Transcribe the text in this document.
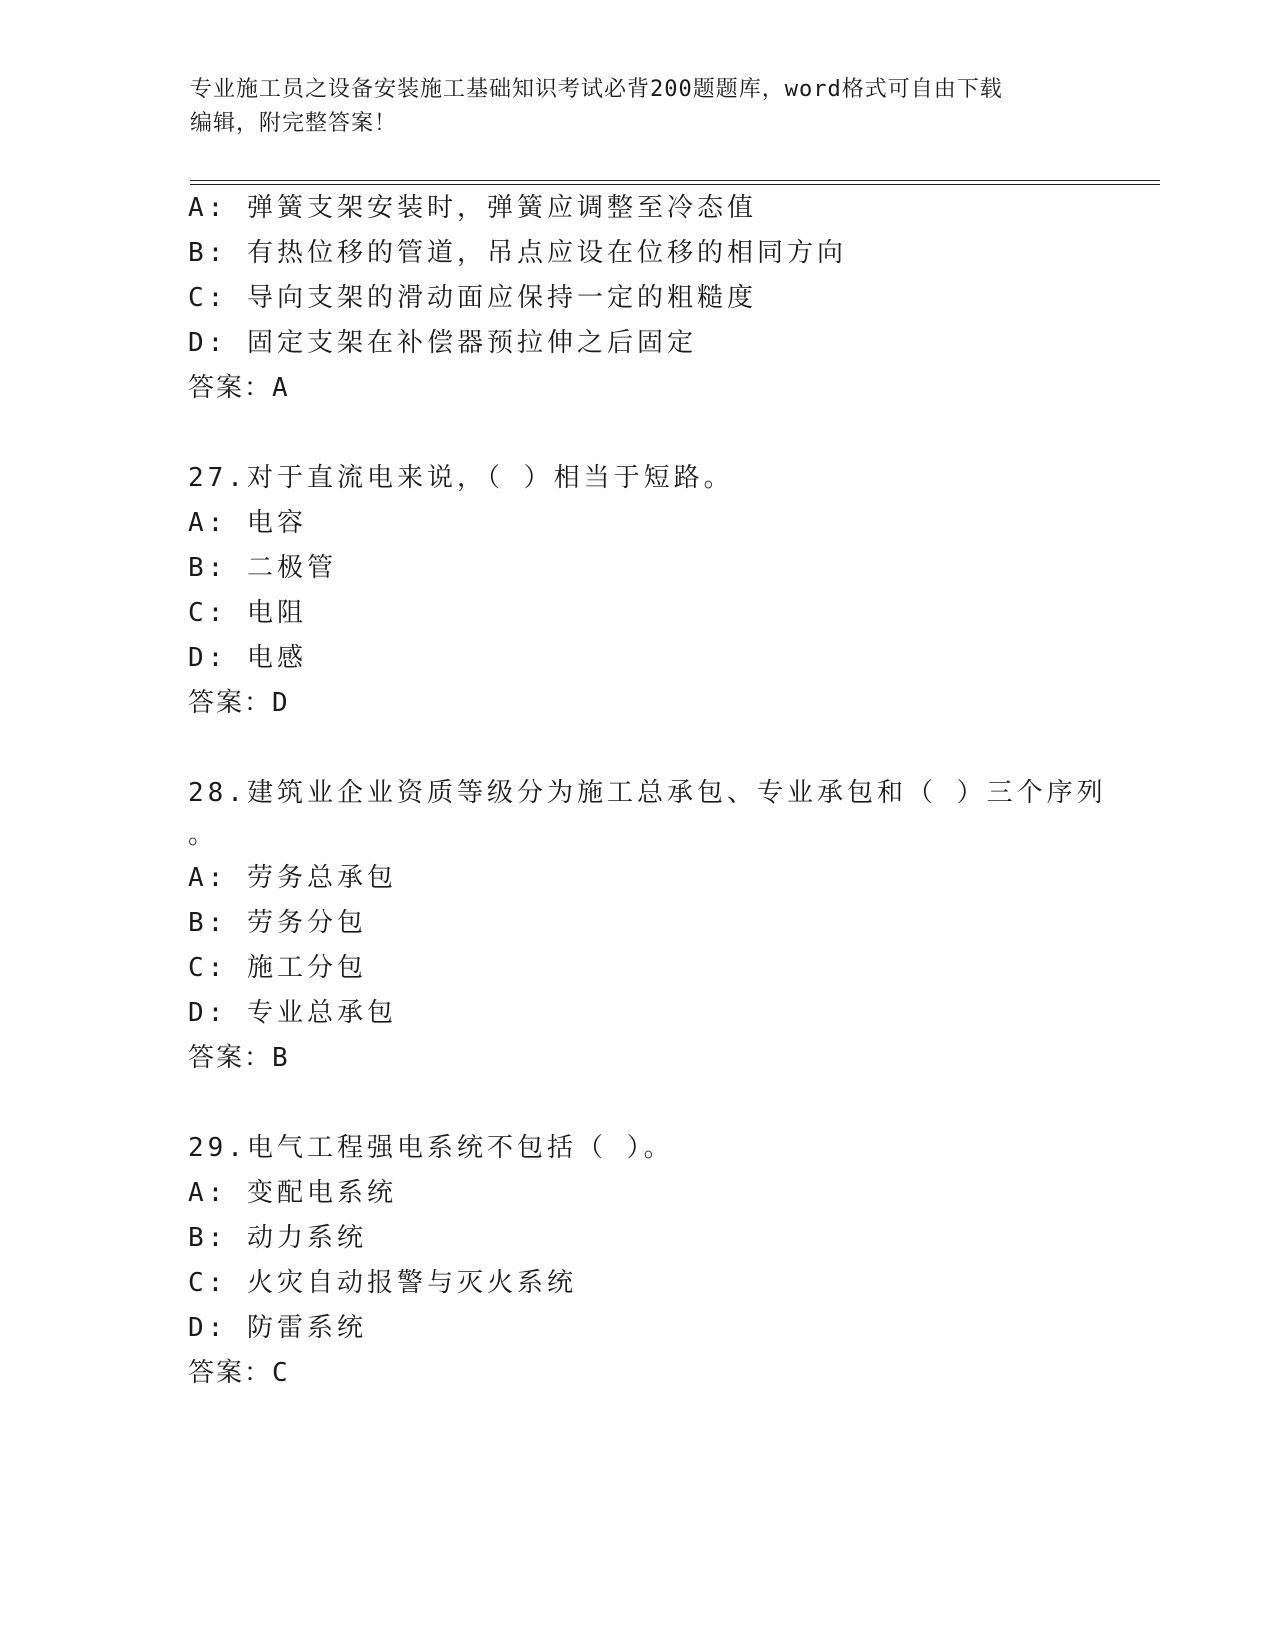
专业施工员之设备安装施工基础知识考试必背200题题库，word格式可自由下载
编辑，附完整答案！
A: 弹簧支架安装时，弹簧应调整至冷态值
B: 有热位移的管道，吊点应设在位移的相同方向
C: 导向支架的滑动面应保持一定的粗糙度
D: 固定支架在补偿器预拉伸之后固定
答案：A
27.对于直流电来说，（ ）相当于短路。
A: 电容
B: 二极管
C: 电阻
D: 电感
答案：D
28.建筑业企业资质等级分为施工总承包、专业承包和（ ）三个序列
。
A: 劳务总承包
B: 劳务分包
C: 施工分包
D: 专业总承包
答案：B
29.电气工程强电系统不包括（ ）。
A: 变配电系统
B: 动力系统
C: 火灾自动报警与灭火系统
D: 防雷系统
答案：C
